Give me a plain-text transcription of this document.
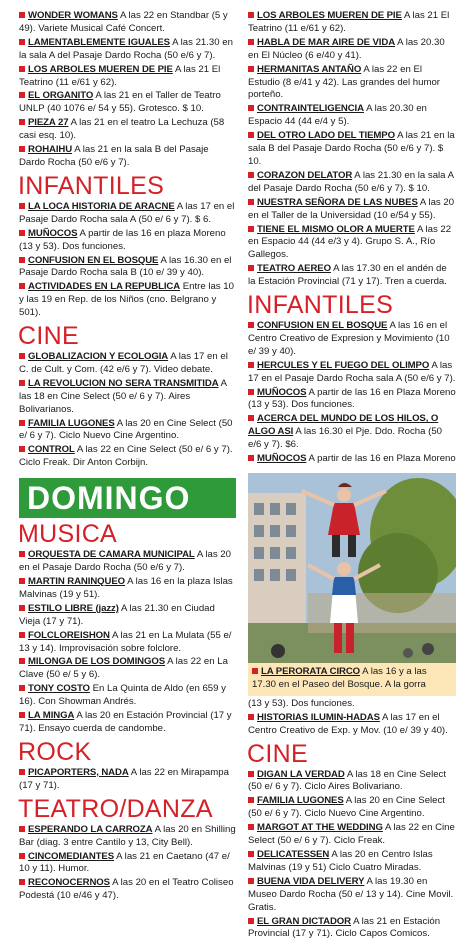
WONDER WOMANS A las 22 en Standbar (5 y 49). Variete Musical Café Concert.
LAMENTABLEMENTE IGUALES A las 21.30 en la sala A del Pasaje Dardo Rocha (50 e/6 y 7).
LOS ARBOLES MUEREN DE PIE A las 21 El Teatrino (11 e/61 y 62).
EL ORGANITO A las 21 en el Taller de Teatro UNLP (40 1076 e/ 54 y 55). Grotesco. $ 10.
PIEZA 27 A las 21 en el teatro La Lechuza (58 casi esq. 10).
ROHAIHU A las 21 en la sala B del Pasaje Dardo Rocha (50 e/6 y 7).
INFANTILES
LA LOCA HISTORIA DE ARACNE A las 17 en el Pasaje Dardo Rocha sala A (50 e/ 6 y 7). $ 6.
MUÑOCOS A partir de las 16 en plaza Moreno (13 y 53). Dos funciones.
CONFUSION EN EL BOSQUE A las 16.30 en el Pasaje Dardo Rocha sala B (10 e/ 39 y 40).
ACTIVIDADES EN LA REPUBLICA Entre las 10 y las 19 en Rep. de los Niños (cno. Belgrano y 501).
CINE
GLOBALIZACION Y ECOLOGIA A las 17 en el C. de Cult. y Com. (42 e/6 y 7). Video debate.
LA REVOLUCION NO SERA TRANSMITIDA A las 18 en Cine Select (50 e/ 6 y 7). Aires Bolivarianos.
FAMILIA LUGONES A las 20 en Cine Select (50 e/ 6 y 7). Ciclo Nuevo Cine Argentino.
CONTROL A las 22 en Cine Select (50 e/ 6 y 7). Ciclo Freak. Dir Anton Corbijn.
DOMINGO
MUSICA
ORQUESTA DE CAMARA MUNICIPAL A las 20 en el Pasaje Dardo Rocha (50 e/6 y 7).
MARTIN RANINQUEO A las 16 en la plaza Islas Malvinas (19 y 51).
ESTILO LIBRE (jazz) A las 21.30 en Ciudad Vieja (17 y 71).
FOLCLOREISHON A las 21 en La Mulata (55 e/ 13 y 14). Improvisación sobre folclore.
MILONGA DE LOS DOMINGOS A las 22 en La Clave (50 e/ 5 y 6).
TONY COSTO En La Quinta de Aldo (en 659 y 16). Con Showman Andrés.
LA MINGA A las 20 en Estación Provincial (17 y 71). Ensayo cuerda de candombe.
ROCK
PICAPORTERS, NADA A las 22 en Mirapampa (17 y 71).
TEATRO/DANZA
ESPERANDO LA CARROZA A las 20 en Shilling Bar (diag. 3 entre Cantilo y 13, City Bell).
CINCOMEDIANTES A las 21 en Caetano (47 e/ 10 y 11). Humor.
RECONOCERNOS A las 20 en el Teatro Coliseo Podestá (10 e/46 y 47).
LOS ARBOLES MUEREN DE PIE A las 21 El Teatrino (11 e/61 y 62).
HABLA DE MAR AIRE DE VIDA A las 20.30 en El Núcleo (6 e/40 y 41).
HERMANITAS ANTAÑO A las 22 en El Estudio (8 e/41 y 42). Las grandes del humor porteño.
CONTRAINTELIGENCIA A las 20.30 en Espacio 44 (44 e/4 y 5).
DEL OTRO LADO DEL TIEMPO A las 21 en la sala B del Pasaje Dardo Rocha (50 e/6 y 7). $ 10.
CORAZON DELATOR A las 21.30 en la sala A del Pasaje Dardo Rocha (50 e/6 y 7). $ 10.
NUESTRA SEÑORA DE LAS NUBES A las 20 en el Taller de la Universidad (10 e/54 y 55).
TIENE EL MISMO OLOR A MUERTE A las 22 en Espacio 44 (44 e/3 y 4). Grupo S. A., Río Gallegos.
TEATRO AEREO A las 17.30 en el andén de la Estación Provincial (71 y 17). Tren a cuerda.
INFANTILES
CONFUSION EN EL BOSQUE A las 16 en el Centro Creativo de Expresion y Movimiento (10 e/ 39 y 40).
HERCULES Y EL FUEGO DEL OLIMPO A las 17 en el Pasaje Dardo Rocha sala A (50 e/6 y 7).
MUÑOCOS A partir de las 16 en Plaza Moreno (13 y 53). Dos funciones.
ACERCA DEL MUNDO DE LOS HILOS, O ALGO ASI A las 16.30 el Pje. Ddo. Rocha (50 e/6 y 7). $6.
MUÑOCOS A partir de las 16 en Plaza Moreno
LA PERORATA CIRCO A las 16 y a las 17.30 en el Paseo del Bosque. A la gorra
(13 y 53). Dos funciones.
HISTORIAS ILUMIN-HADAS A las 17 en el Centro Creativo de Exp. y Mov. (10 e/ 39 y 40).
CINE
DIGAN LA VERDAD A las 18 en Cine Select (50 e/ 6 y 7). Ciclo Aires Bolivariano.
FAMILIA LUGONES A las 20 en Cine Select (50 e/ 6 y 7). Ciclo Nuevo Cine Argentino.
MARGOT AT THE WEDDING A las 22 en Cine Select (50 e/ 6 y 7). Ciclo Freak.
DELICATESSEN A las 20 en Centro Islas Malvinas (19 y 51) Ciclo Cuatro Miradas.
BUENA VIDA DELIVERY A las 19.30 en Museo Dardo Rocha (50 e/ 13 y 14). Cine Movil. Gratis.
EL GRAN DICTADOR A las 21 en Estación Provincial (17 y 71). Ciclo Capos Comicos.
